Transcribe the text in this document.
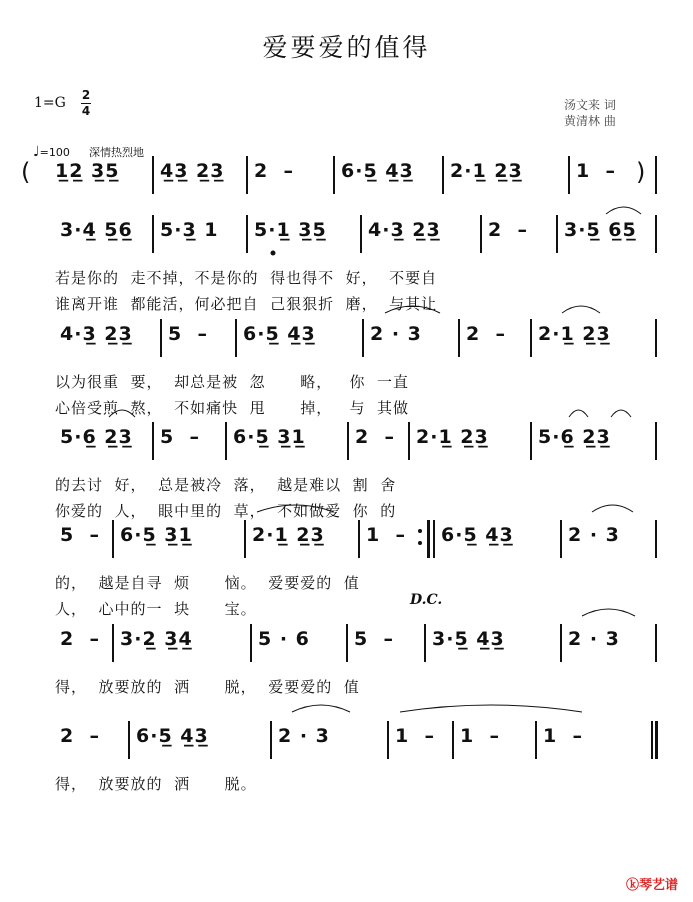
爱要爱的值得
1=G 2
4	汤文来 词
黄清林 曲
♩=100 深情热烈地
D.C.
ⓚ琴艺谱
1̲2̲ 3̲5̲ 4̲3̲ 2̲3̲ 2  – 6·5̲ 4̲3̲ 2·1̲ 2̲3̲	1  –
3·4̲ 5̲6̲ 5·3̲ 1 5·1̲ 3̲5̲ 4·3̲ 2̲3̲ 2  – 3·5̲ 6̲5̲
若是你的  走不掉，不是你的  得也得不  好，  不要自
谁离开谁  都能活，何必把自  己狠狠折  磨，  与其让
4·3̲ 2̲3̲ 5  – 6·5̲ 4̲3̲	2 · 3 2  – 2·1̲ 2̲3̲
以为很重  要，  却总是被  忽      略，   你  一直
心倍受煎  熬，  不如痛快  甩      掉，   与  其做
5·6̲ 2̲3̲ 5  – 6·5̲ 3̲1̲	2  – 2·1̲ 2̲3̲	5·6̲ 2̲3̲
的去讨  好，  总是被冷  落，  越是难以  割  舍
你爱的  人，  眼中里的  草，  不如做爱  你  的
5  – 6·5̲ 3̲1̲	2·1̲ 2̲3̲ 1  – 6·5̲ 4̲3̲	2 · 3
的，  越是自寻  烦      恼。  爱要爱的  值
人，  心中的一  块      宝。
2  – 3·2̲ 3̲4̲	5 · 6 5  – 3·5̲ 4̲3̲	2 · 3
得，  放要放的  洒      脱，  爱要爱的  值
2  – 6·5̲ 4̲3̲	2 · 3	1  – 1  – 1  –
得，  放要放的  洒      脱。
(	)
